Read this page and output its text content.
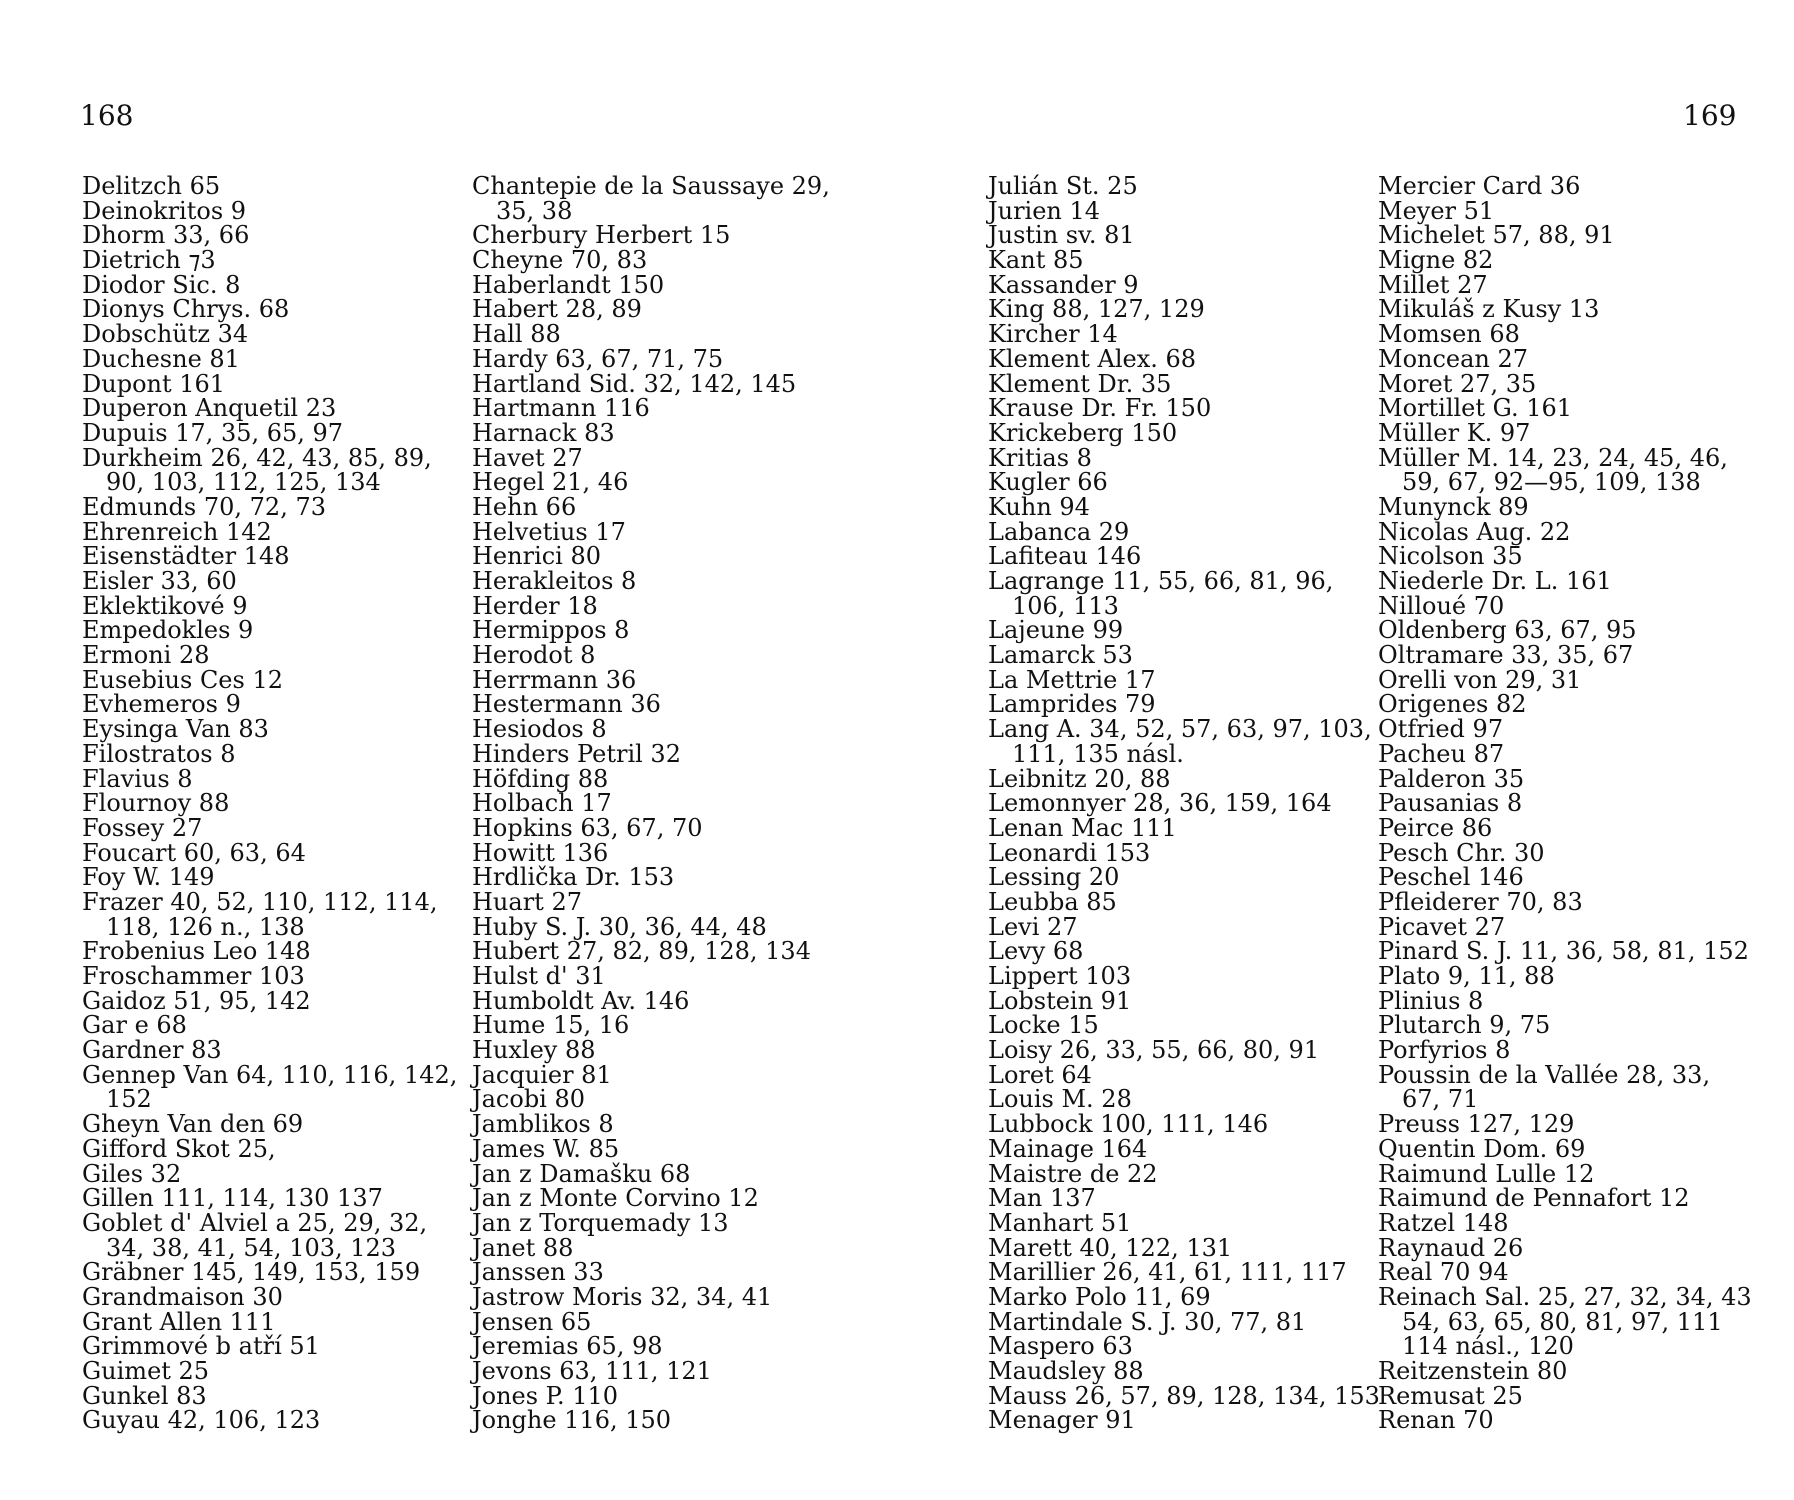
168	169
Delitzch 65
Deinokritos 9
Dhorm 33, 66
Dietrich ⁊3
Diodor Sic. 8
Dionys Chrys. 68
Dobschütz 34
Duchesne 81
Dupont 161
Duperon Anquetil 23
Dupuis 17, 35, 65, 97
Durkheim 26, 42, 43, 85, 89,
90, 103, 112, 125, 134
Edmunds 70, 72, 73
Ehrenreich 142
Eisenstädter 148
Eisler 33, 60
Eklektikové 9
Empedokles 9
Ermoni 28
Eusebius Ces 12
Evhemeros 9
Eysinga Van 83
Filostratos 8
Flavius 8
Flournoy 88
Fossey 27
Foucart 60, 63, 64
Foy W. 149
Frazer 40, 52, 110, 112, 114,
118, 126 n., 138
Frobenius Leo 148
Froschammer 103
Gaidoz 51, 95, 142
Gar e 68
Gardner 83
Gennep Van 64, 110, 116, 142,
152
Gheyn Van den 69
Gifford Skot 25,
Giles 32
Gillen 111, 114, 130 137
Goblet d' Alviel a 25, 29, 32,
34, 38, 41, 54, 103, 123
Gräbner 145, 149, 153, 159
Grandmaison 30
Grant Allen 111
Grimmové b atří 51
Guimet 25
Gunkel 83
Guyau 42, 106, 123
Chantepie de la Saussaye 29,
35, 38
Cherbury Herbert 15
Cheyne 70, 83
Haberlandt 150
Habert 28, 89
Hall 88
Hardy 63, 67, 71, 75
Hartland Sid. 32, 142, 145
Hartmann 116
Harnack 83
Havet 27
Hegel 21, 46
Hehn 66
Helvetius 17
Henrici 80
Herakleitos 8
Herder 18
Hermippos 8
Herodot 8
Herrmann 36
Hestermann 36
Hesiodos 8
Hinders Petril 32
Höfding 88
Holbach 17
Hopkins 63, 67, 70
Howitt 136
Hrdlička Dr. 153
Huart 27
Huby S. J. 30, 36, 44, 48
Hubert 27, 82, 89, 128, 134
Hulst d' 31
Humboldt Av. 146
Hume 15, 16
Huxley 88
Jacquier 81
Jacobi 80
Jamblikos 8
James W. 85
Jan z Damašku 68
Jan z Monte Corvino 12
Jan z Torquemady 13
Janet 88
Janssen 33
Jastrow Moris 32, 34, 41
Jensen 65
Jeremias 65, 98
Jevons 63, 111, 121
Jones P. 110
Jonghe 116, 150
Julián St. 25
Jurien 14
Justin sv. 81
Kant 85
Kassander 9
King 88, 127, 129
Kircher 14
Klement Alex. 68
Klement Dr. 35
Krause Dr. Fr. 150
Krickeberg 150
Kritias 8
Kugler 66
Kuhn 94
Labanca 29
Lafiteau 146
Lagrange 11, 55, 66, 81, 96,
106, 113
Lajeune 99
Lamarck 53
La Mettrie 17
Lamprides 79
Lang A. 34, 52, 57, 63, 97, 103,
111, 135 násl.
Leibnitz 20, 88
Lemonnyer 28, 36, 159, 164
Lenan Mac 111
Leonardi 153
Lessing 20
Leubba 85
Levi 27
Levy 68
Lippert 103
Lobstein 91
Locke 15
Loisy 26, 33, 55, 66, 80, 91
Loret 64
Louis M. 28
Lubbock 100, 111, 146
Mainage 164
Maistre de 22
Man 137
Manhart 51
Marett 40, 122, 131
Marillier 26, 41, 61, 111, 117
Marko Polo 11, 69
Martindale S. J. 30, 77, 81
Maspero 63
Maudsley 88
Mauss 26, 57, 89, 128, 134, 153
Menager 91
Mercier Card 36
Meyer 51
Michelet 57, 88, 91
Migne 82
Millet 27
Mikuláš z Kusy 13
Momsen 68
Moncean 27
Moret 27, 35
Mortillet G. 161
Müller K. 97
Müller M. 14, 23, 24, 45, 46,
59, 67, 92—95, 109, 138
Munynck 89
Nicolas Aug. 22
Nicolson 35
Niederle Dr. L. 161
Nilloué 70
Oldenberg 63, 67, 95
Oltramare 33, 35, 67
Orelli von 29, 31
Origenes 82
Otfried 97
Pacheu 87
Palderon 35
Pausanias 8
Peirce 86
Pesch Chr. 30
Peschel 146
Pfleiderer 70, 83
Picavet 27
Pinard S. J. 11, 36, 58, 81, 152
Plato 9, 11, 88
Plinius 8
Plutarch 9, 75
Porfyrios 8
Poussin de la Vallée 28, 33,
67, 71
Preuss 127, 129
Quentin Dom. 69
Raimund Lulle 12
Raimund de Pennafort 12
Ratzel 148
Raynaud 26
Real 70 94
Reinach Sal. 25, 27, 32, 34, 43
54, 63, 65, 80, 81, 97, 111
114 násl., 120
Reitzenstein 80
Remusat 25
Renan 70
